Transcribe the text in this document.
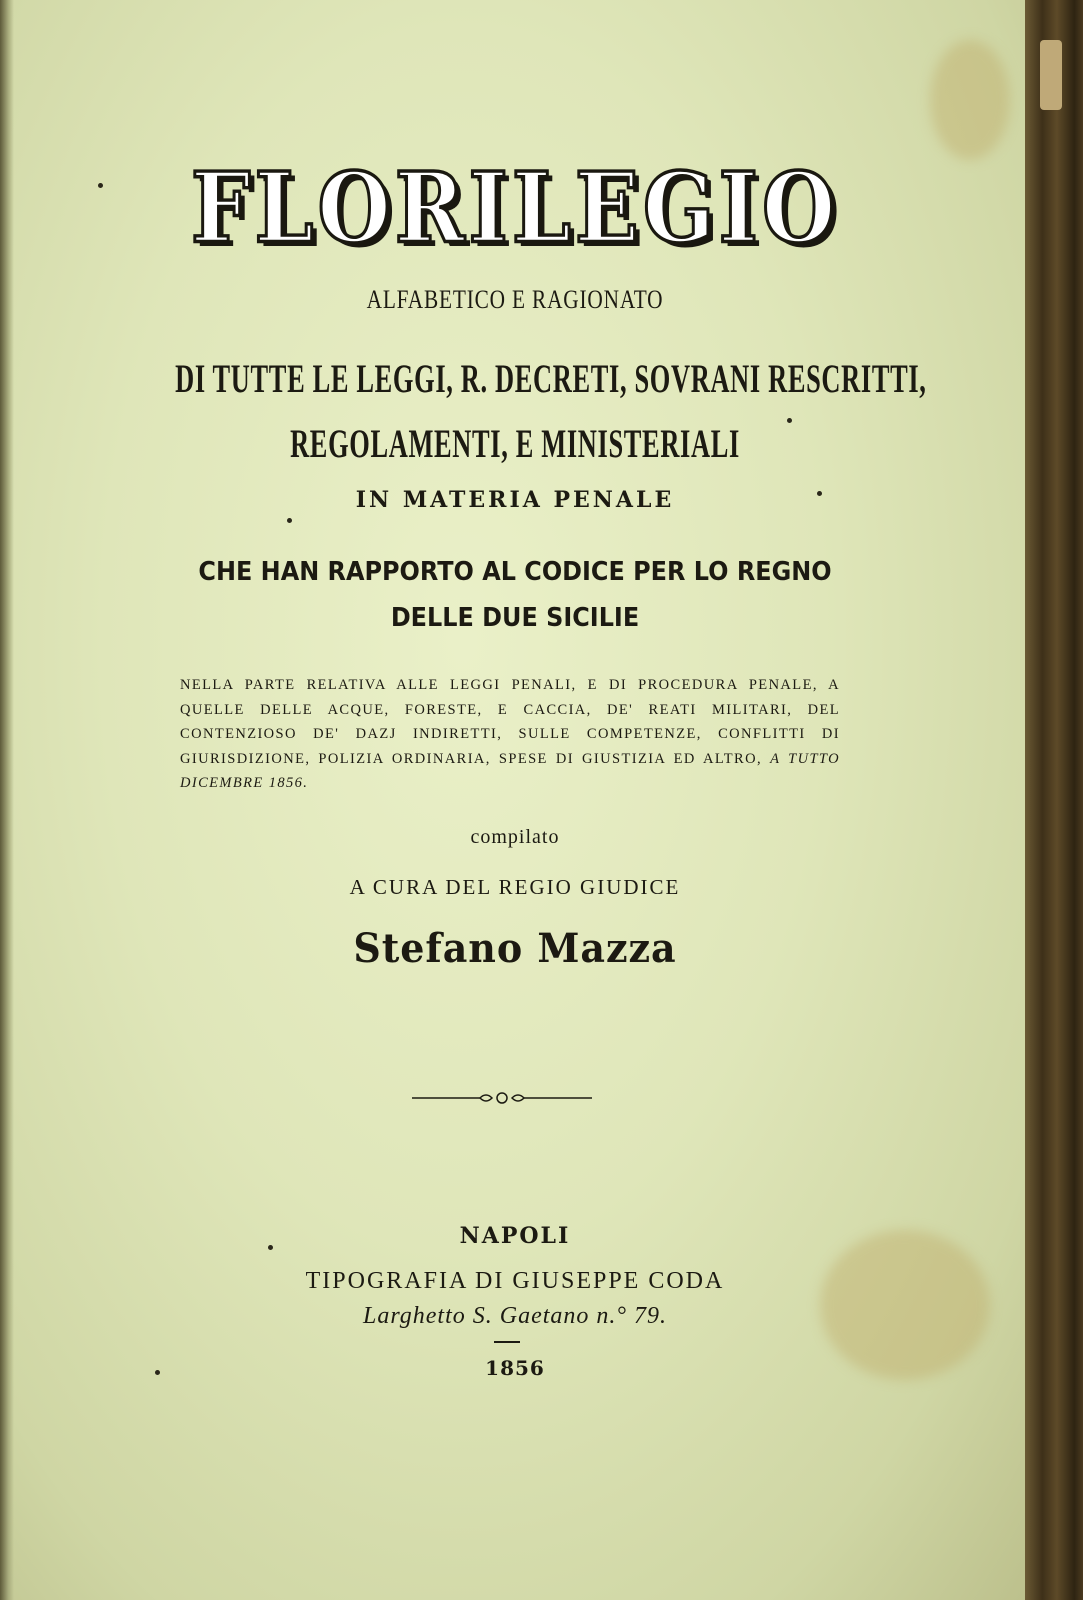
FLORILEGIO
ALFABETICO E RAGIONATO
DI TUTTE LE LEGGI, R. DECRETI, SOVRANI RESCRITTI,
REGOLAMENTI, E MINISTERIALI
IN MATERIA PENALE
CHE HAN RAPPORTO AL CODICE PER LO REGNO
DELLE DUE SICILIE
NELLA PARTE RELATIVA ALLE LEGGI PENALI, E DI PROCEDURA PENALE, A QUELLE DELLE ACQUE, FORESTE, E CACCIA, DE' REATI MILITARI, DEL CONTENZIOSO DE' DAZJ INDIRETTI, SULLE COMPETENZE, CONFLITTI DI GIURISDIZIONE, POLIZIA ORDINARIA, SPESE DI GIUSTIZIA ED ALTRO, A TUTTO DICEMBRE 1856.
compilato
A CURA DEL REGIO GIUDICE
Stefano Mazza
NAPOLI
TIPOGRAFIA DI GIUSEPPE CODA
Larghetto S. Gaetano n.° 79.
1856
